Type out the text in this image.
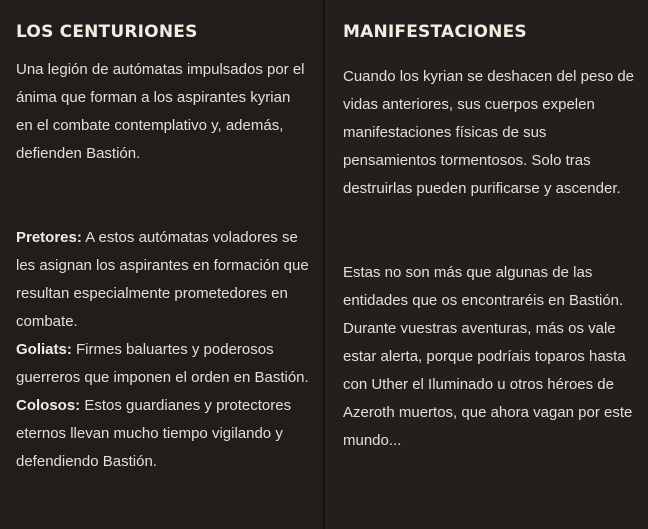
LOS CENTURIONES

Una legión de autómatas impulsados por el ánima que forman a los aspirantes kyrian en el combate contemplativo y, además, defienden Bastión.

Pretores: A estos autómatas voladores se les asignan los aspirantes en formación que resultan especialmente prometedores en combate.

Goliats: Firmes baluartes y poderosos guerreros que imponen el orden en Bastión.

Colosos: Estos guardianes y protectores eternos llevan mucho tiempo vigilando y defendiendo Bastión.

MANIFESTACIONES

Cuando los kyrian se deshacen del peso de vidas anteriores, sus cuerpos expelen manifestaciones físicas de sus pensamientos tormentosos. Solo tras destruirlas pueden purificarse y ascender.

Estas no son más que algunas de las entidades que os encontraréis en Bastión. Durante vuestras aventuras, más os vale estar alerta, porque podríais toparos hasta con Uther el Iluminado u otros héroes de Azeroth muertos, que ahora vagan por este mundo...
